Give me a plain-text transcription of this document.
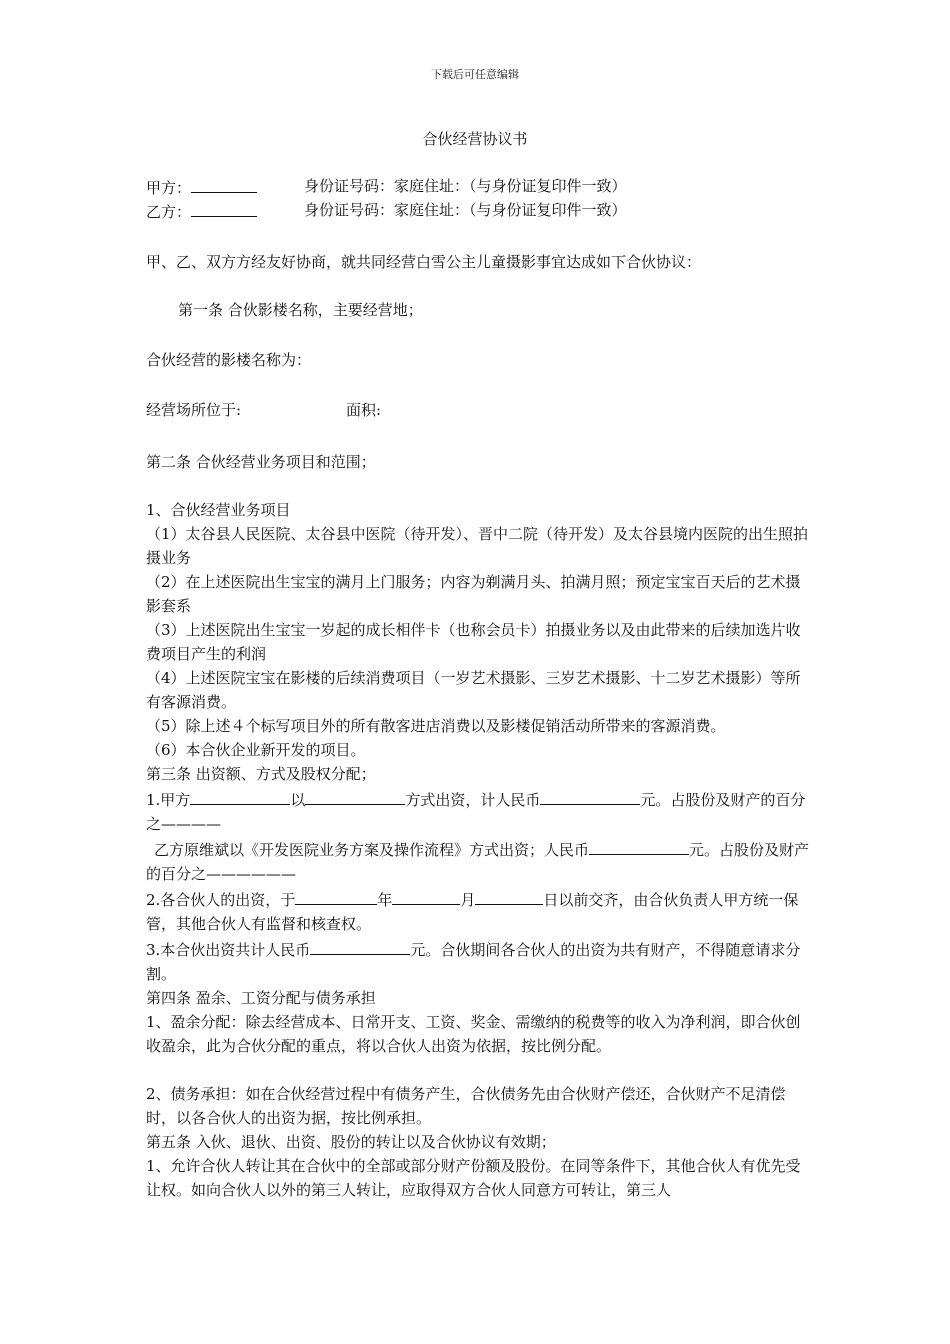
下载后可任意编辑
合伙经营协议书
甲方：	身份证号码：家庭住址：（与身份证复印件一致）
乙方：	身份证号码：家庭住址：（与身份证复印件一致）

甲、乙、双方方经友好协商，就共同经营白雪公主儿童摄影事宜达成如下合伙协议：

第一条 合伙影楼名称，主要经营地；

合伙经营的影楼名称为：

经营场所位于:	面积:

第二条 合伙经营业务项目和范围；

1、合伙经营业务项目

（1）太谷县人民医院、太谷县中医院（待开发）、晋中二院（待开发）及太谷县境内医院的出生照拍摄业务

（2）在上述医院出生宝宝的满月上门服务；内容为剃满月头、拍满月照；预定宝宝百天后的艺术摄影套系

（3）上述医院出生宝宝一岁起的成长相伴卡（也称会员卡）拍摄业务以及由此带来的后续加选片收费项目产生的利润

（4）上述医院宝宝在影楼的后续消费项目（一岁艺术摄影、三岁艺术摄影、十二岁艺术摄影）等所有客源消费。

（5）除上述４个标写项目外的所有散客进店消费以及影楼促销活动所带来的客源消费。

（6）本合伙企业新开发的项目。

第三条 出资额、方式及股权分配；

1.甲方	以	方式出资，计人民币	元。占股份及财产的百分之————

乙方原维斌以《开发医院业务方案及操作流程》方式出资；人民币	元。占股份及财产的百分之——————

2.各合伙人的出资，于	年	月	日以前交齐，由合伙负责人甲方统一保管，其他合伙人有监督和核查权。

3.本合伙出资共计人民币	元。合伙期间各合伙人的出资为共有财产，不得随意请求分割。

第四条 盈余、工资分配与债务承担

1、盈余分配：除去经营成本、日常开支、工资、奖金、需缴纳的税费等的收入为净利润，即合伙创收盈余，此为合伙分配的重点，将以合伙人出资为依据，按比例分配。

2、债务承担：如在合伙经营过程中有债务产生，合伙债务先由合伙财产偿还，合伙财产不足清偿时，以各合伙人的出资为据，按比例承担。

第五条 入伙、退伙、出资、股份的转让以及合伙协议有效期；

1、允许合伙人转让其在合伙中的全部或部分财产份额及股份。在同等条件下，其他合伙人有优先受让权。如向合伙人以外的第三人转让，应取得双方合伙人同意方可转让，第三人
